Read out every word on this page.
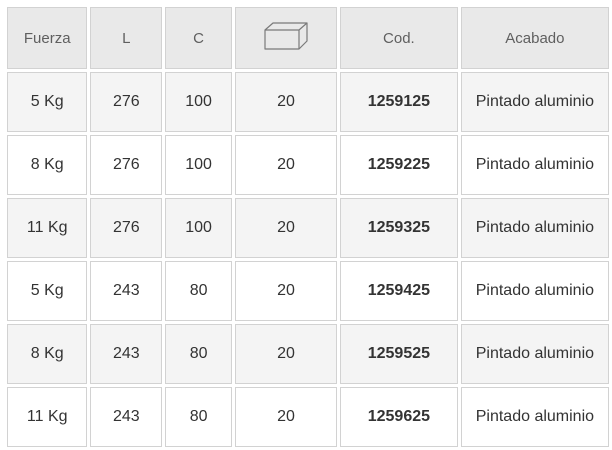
Fuerza	L	C		Cod.	Acabado
5 Kg	276	100	20	1259125	Pintado aluminio
8 Kg	276	100	20	1259225	Pintado aluminio
11 Kg	276	100	20	1259325	Pintado aluminio
5 Kg	243	80	20	1259425	Pintado aluminio
8 Kg	243	80	20	1259525	Pintado aluminio
11 Kg	243	80	20	1259625	Pintado aluminio
